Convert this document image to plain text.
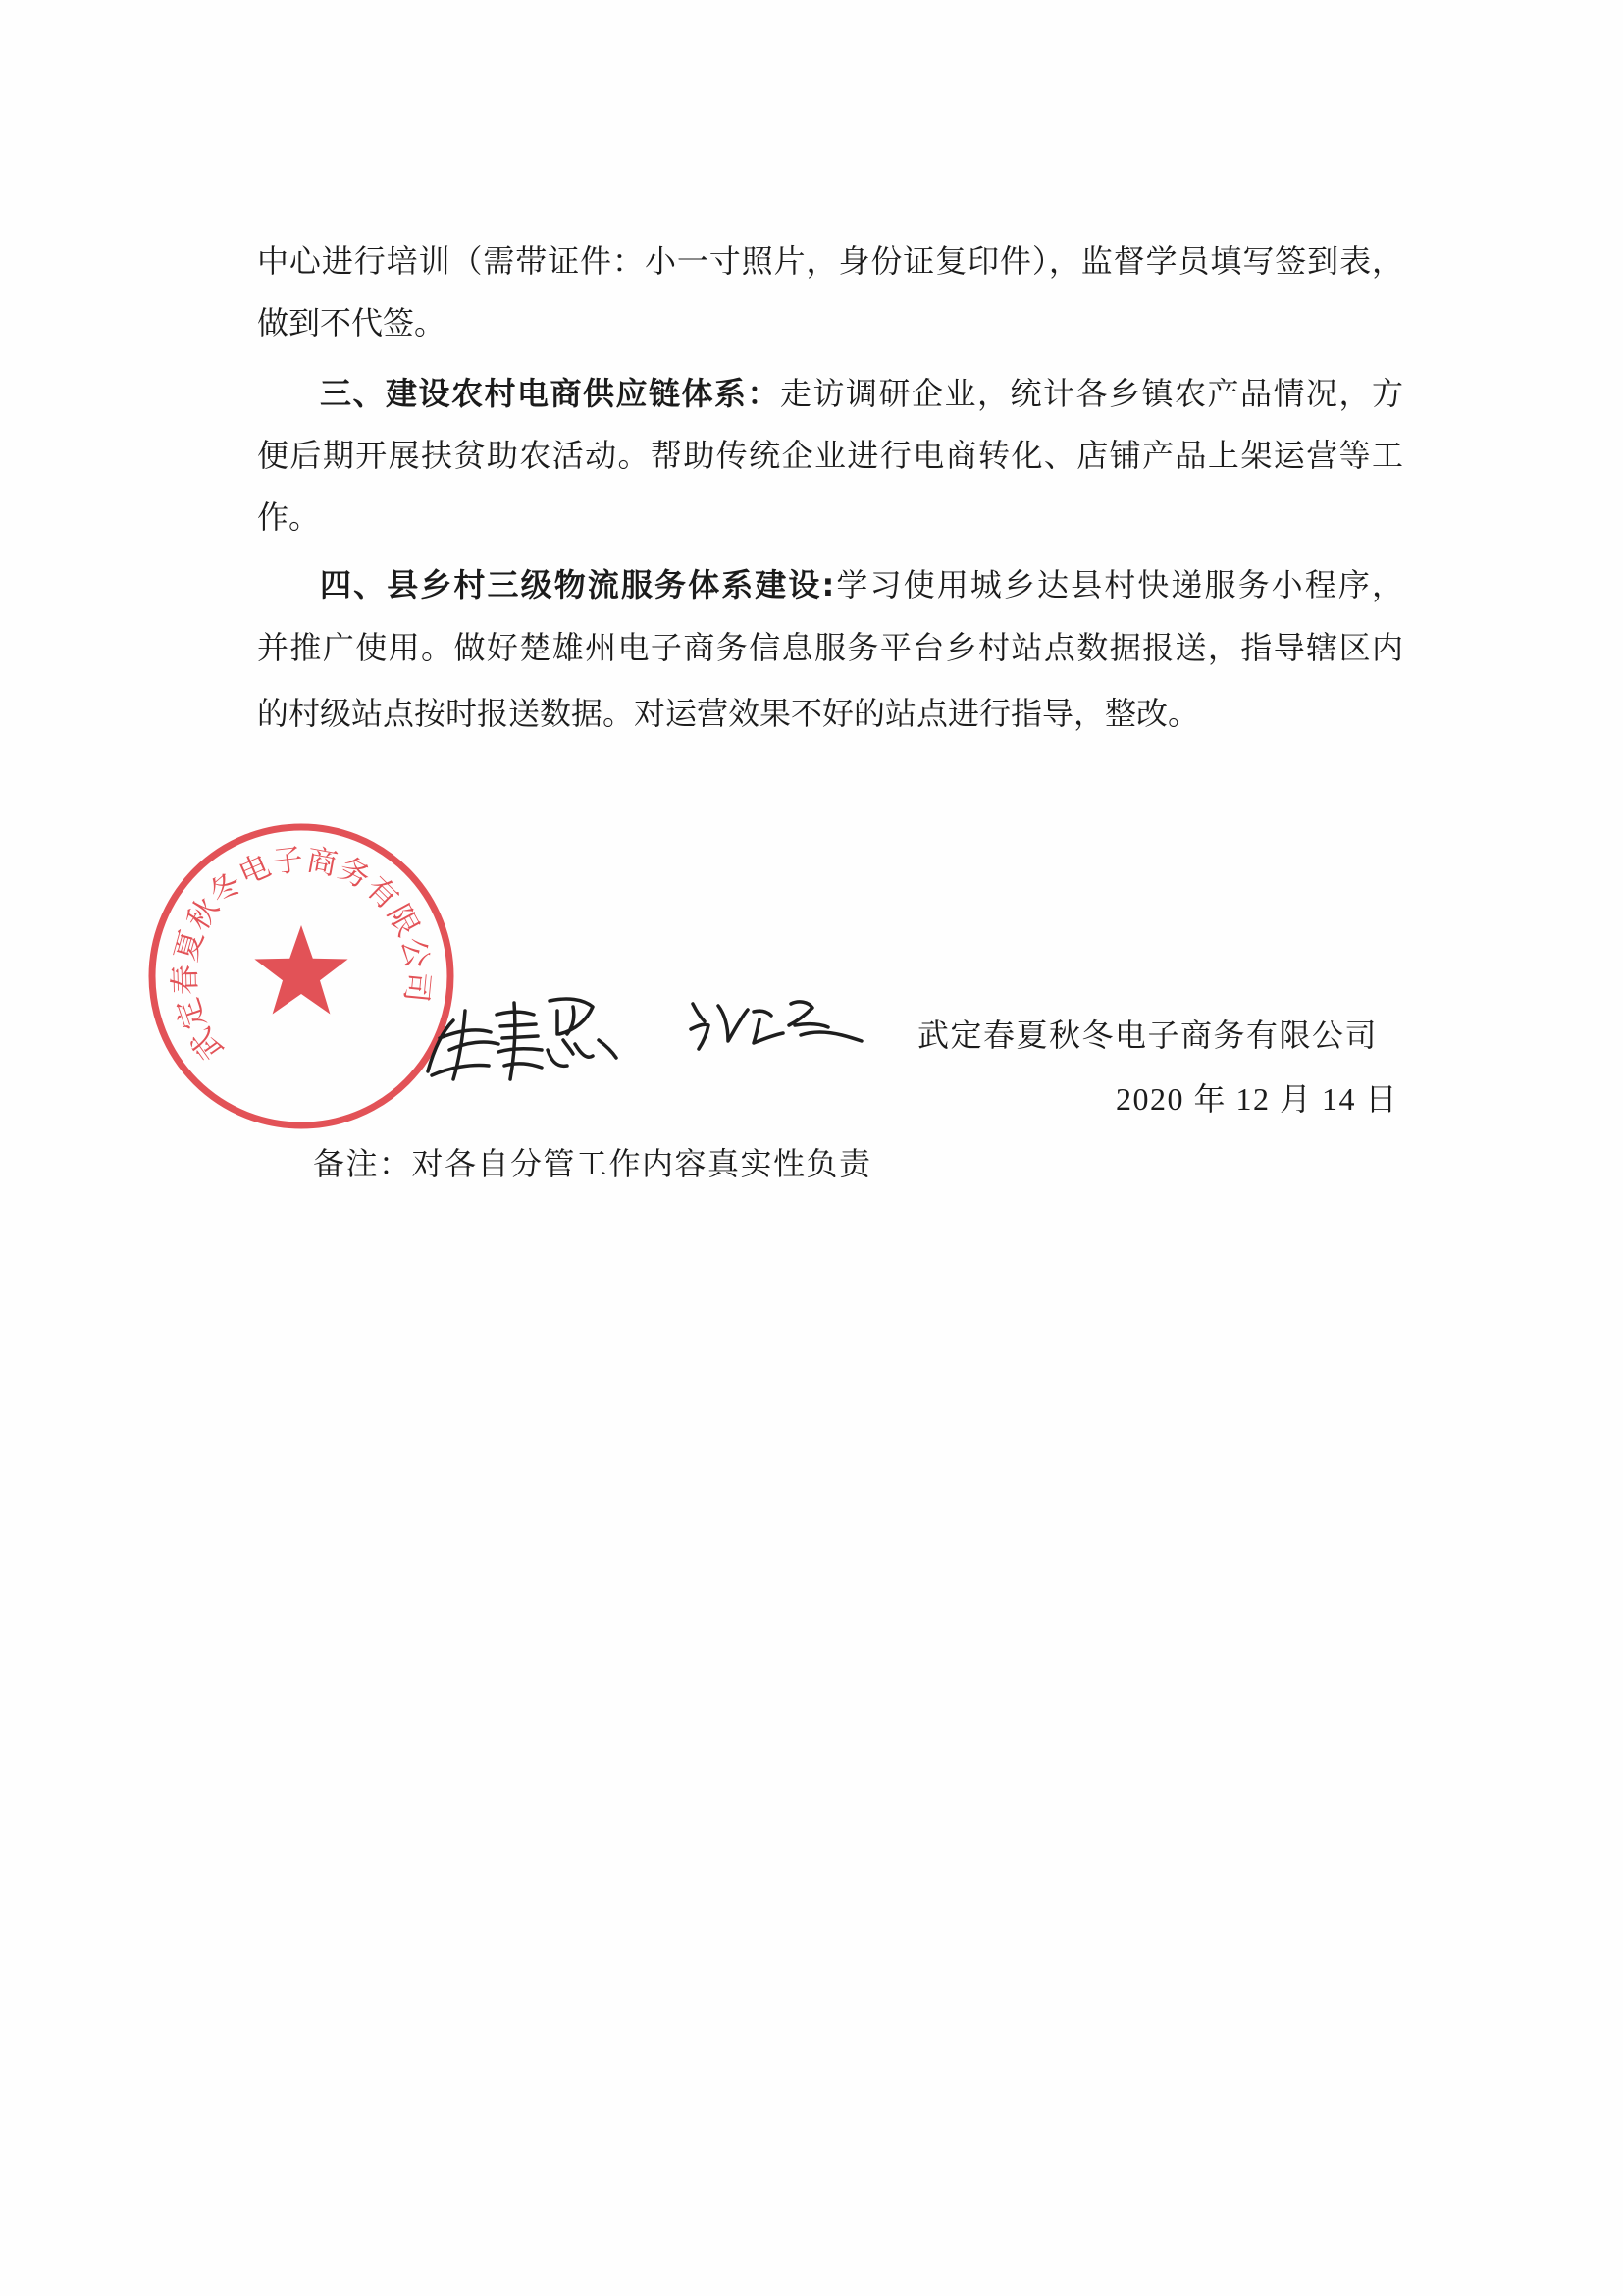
中心进行培训（需带证件：小一寸照片，身份证复印件），监督学员填写签到表，
做到不代签。
三、建设农村电商供应链体系：走访调研企业，统计各乡镇农产品情况，方
便后期开展扶贫助农活动。帮助传统企业进行电商转化、店铺产品上架运营等工
作。
四、县乡村三级物流服务体系建设:学习使用城乡达县村快递服务小程序，
并推广使用。做好楚雄州电子商务信息服务平台乡村站点数据报送，指导辖区内
的村级站点按时报送数据。对运营效果不好的站点进行指导，整改。
武定春夏秋冬电子商务有限公司
武定春夏秋冬电子商务有限公司
2020 年 12 月 14 日
备注：对各自分管工作内容真实性负责
